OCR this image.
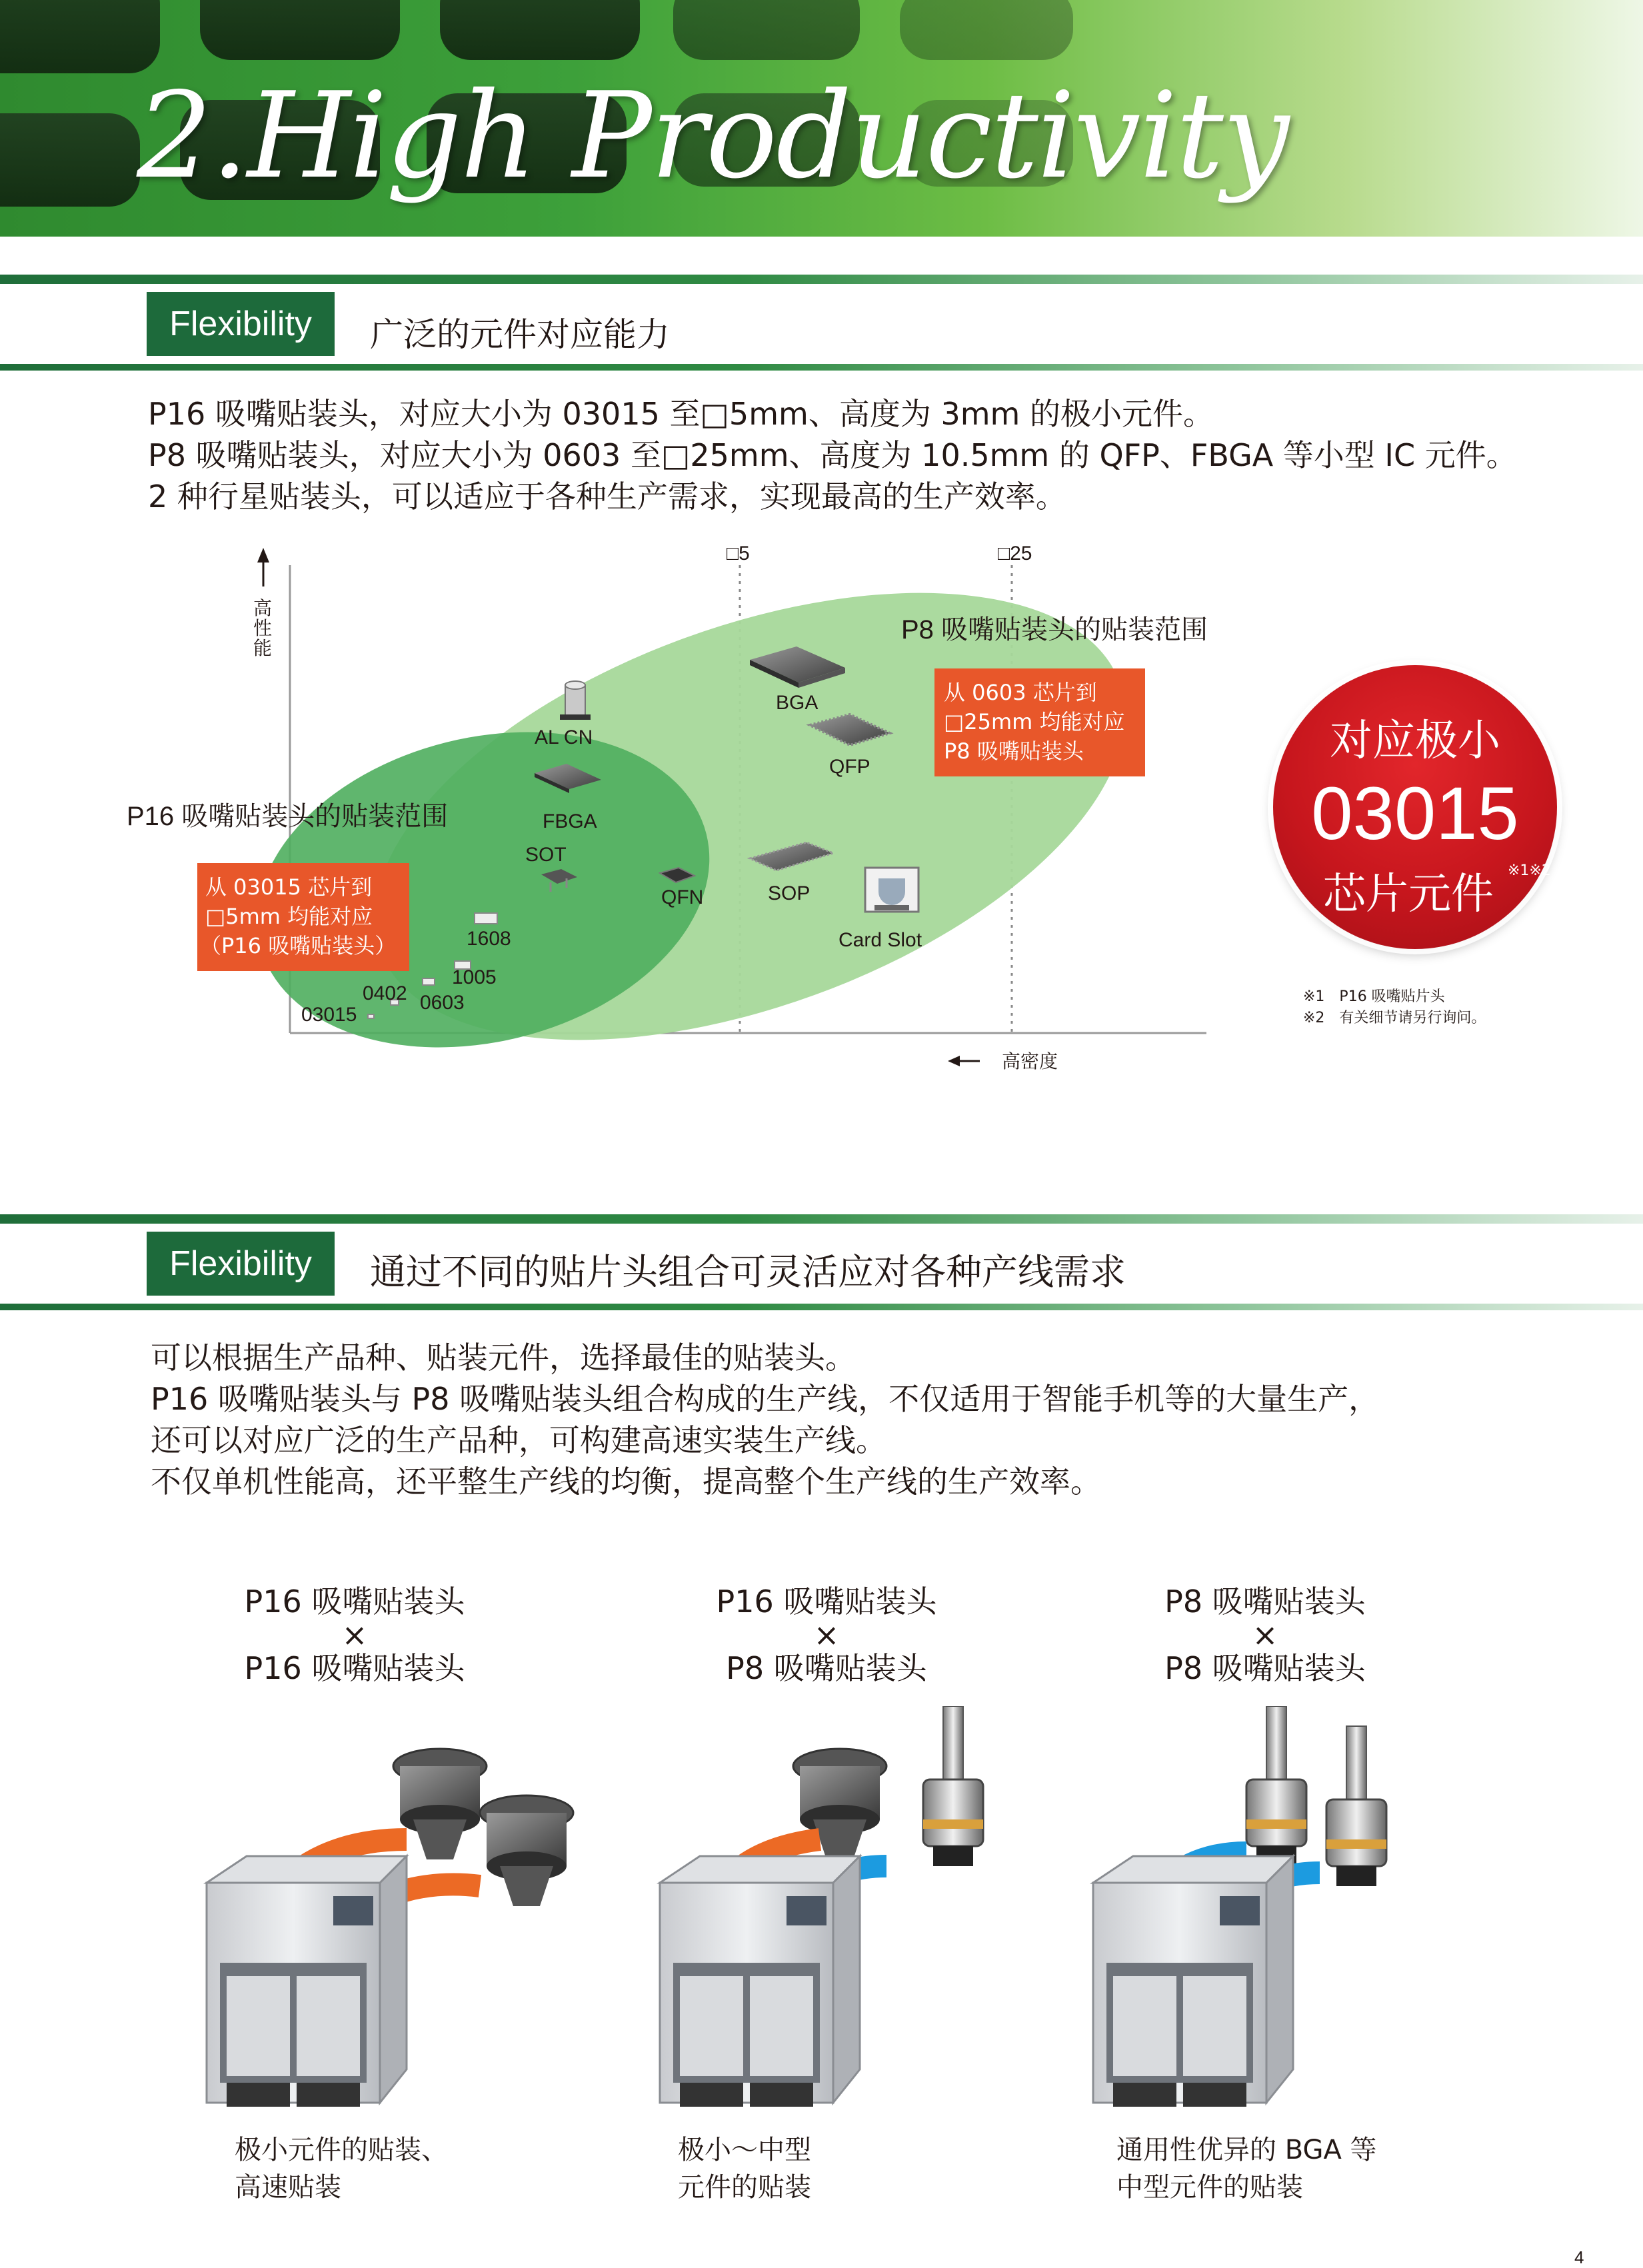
2.High Productivity
Flexibility	广泛的元件对应能力
P16 吸嘴贴装头，对应大小为 03015 至□5mm、高度为 3mm 的极小元件。
P8 吸嘴贴装头，对应大小为 0603 至□25mm、高度为 10.5mm 的 QFP、FBGA 等小型 IC 元件。
2 种行星贴装头，可以适应于各种生产需求，实现最高的生产效率。
□5	□25
高 性 能
高密度
P8 吸嘴贴装头的贴装范围
P16 吸嘴贴装头的贴装范围
从 0603 芯片到
□25mm 均能对应
P8 吸嘴贴装头
从 03015 芯片到
□5mm 均能对应
（P16 吸嘴贴装头）
BGA
QFP
SOP
Card Slot
AL CN
FBGA
SOT
QFN
1608
1005
0603
0402
03015
对应极小
03015
芯片元件 ※1※2
※1　P16 吸嘴贴片头
※2　有关细节请另行询问。
Flexibility	通过不同的贴片头组合可灵活应对各种产线需求
可以根据生产品种、贴装元件，选择最佳的贴装头。
P16 吸嘴贴装头与 P8 吸嘴贴装头组合构成的生产线，不仅适用于智能手机等的大量生产，
还可以对应广泛的生产品种，可构建高速实装生产线。
不仅单机性能高，还平整生产线的均衡，提高整个生产线的生产效率。
P16 吸嘴贴装头
×
P16 吸嘴贴装头
P16 吸嘴贴装头
×
P8 吸嘴贴装头
P8 吸嘴贴装头
×
P8 吸嘴贴装头
极小元件的贴装、
高速贴装
极小～中型
元件的贴装
通用性优异的 BGA 等
中型元件的贴装
4
